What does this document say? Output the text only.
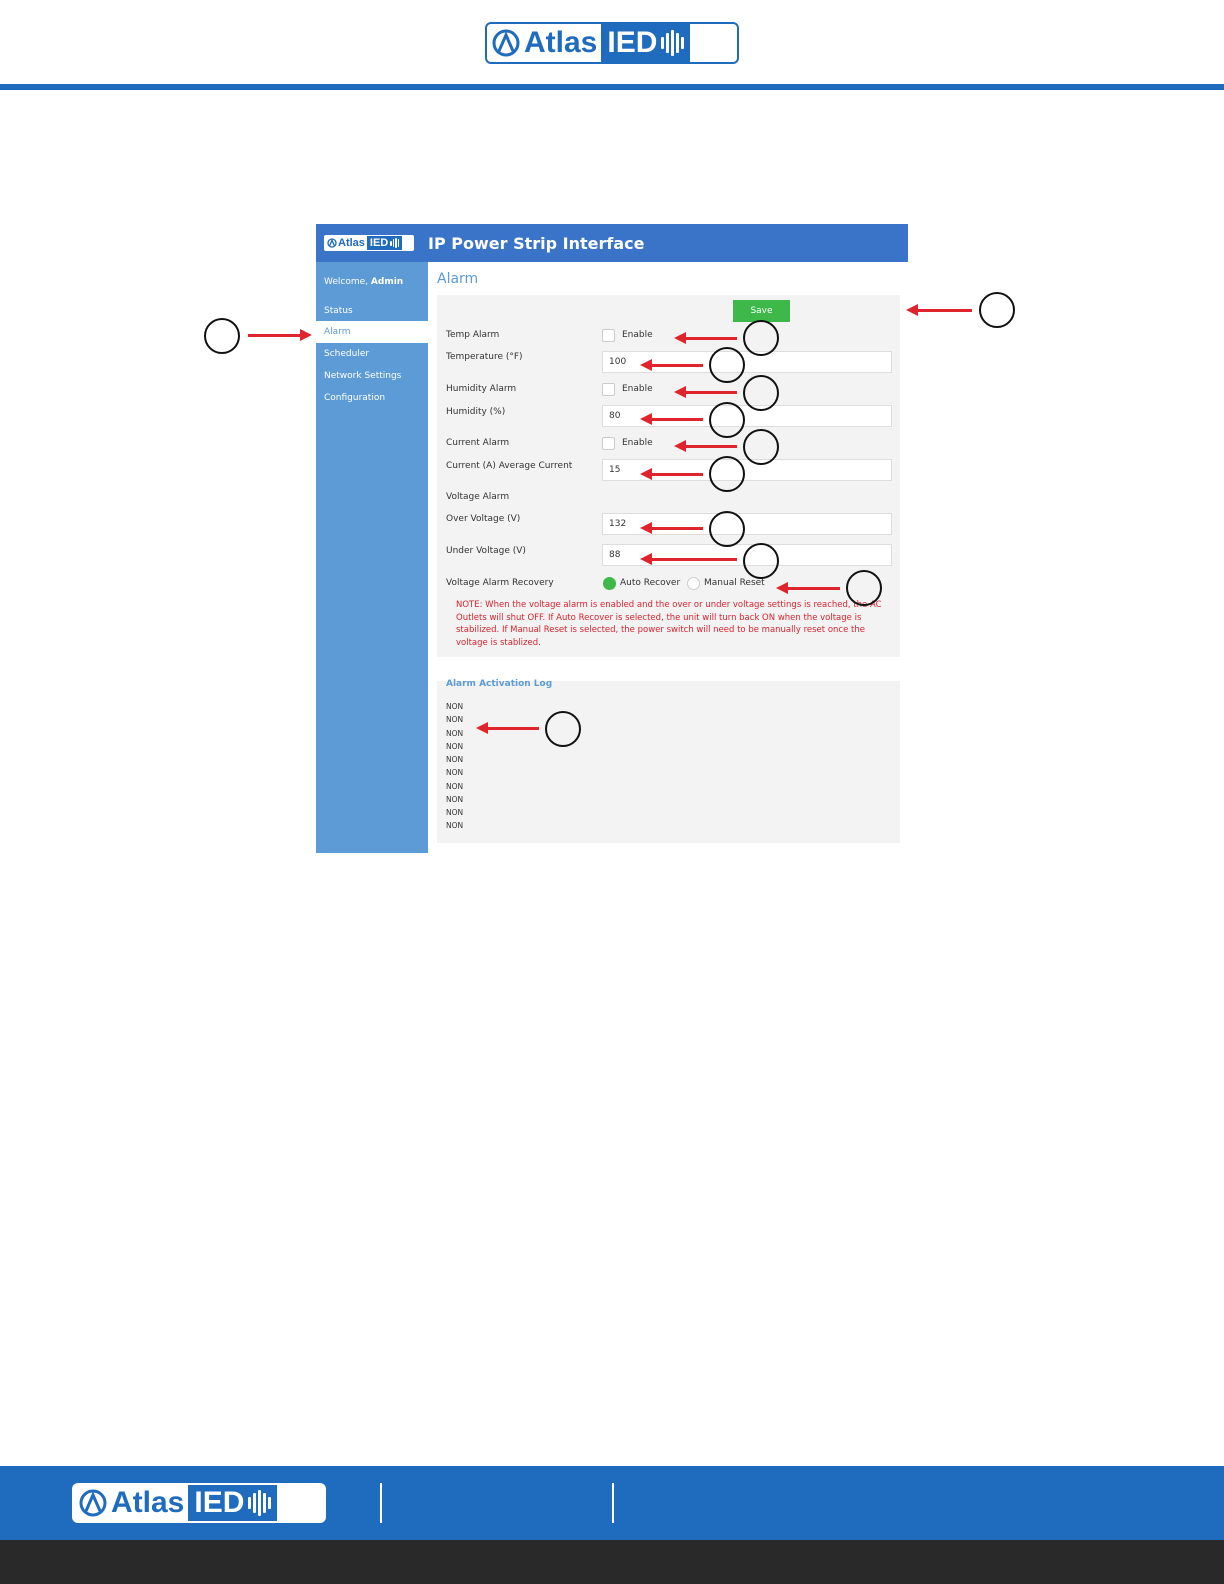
Atlas IED
Atlas IED IP Power Strip Interface
Welcome, Admin
Status
Alarm
Scheduler
Network Settings
Configuration
Alarm
Save
Temp Alarm	Enable
Temperature (°F)	100
Humidity Alarm	Enable
Humidity (%)	80
Current Alarm	Enable
Current (A) Average Current	15
Voltage Alarm
Over Voltage (V)	132
Under Voltage (V)	88
Voltage Alarm Recovery	Auto Recover	Manual Reset
NOTE: When the voltage alarm is enabled and the over or under voltage settings is reached, the AC Outlets will shut OFF. If Auto Recover is selected, the unit will turn back ON when the voltage is stabilized. If Manual Reset is selected, the power switch will need to be manually reset once the voltage is stablized.
Alarm Activation Log
NON
NON
NON
NON
NON
NON
NON
NON
NON
NON
Atlas IED
